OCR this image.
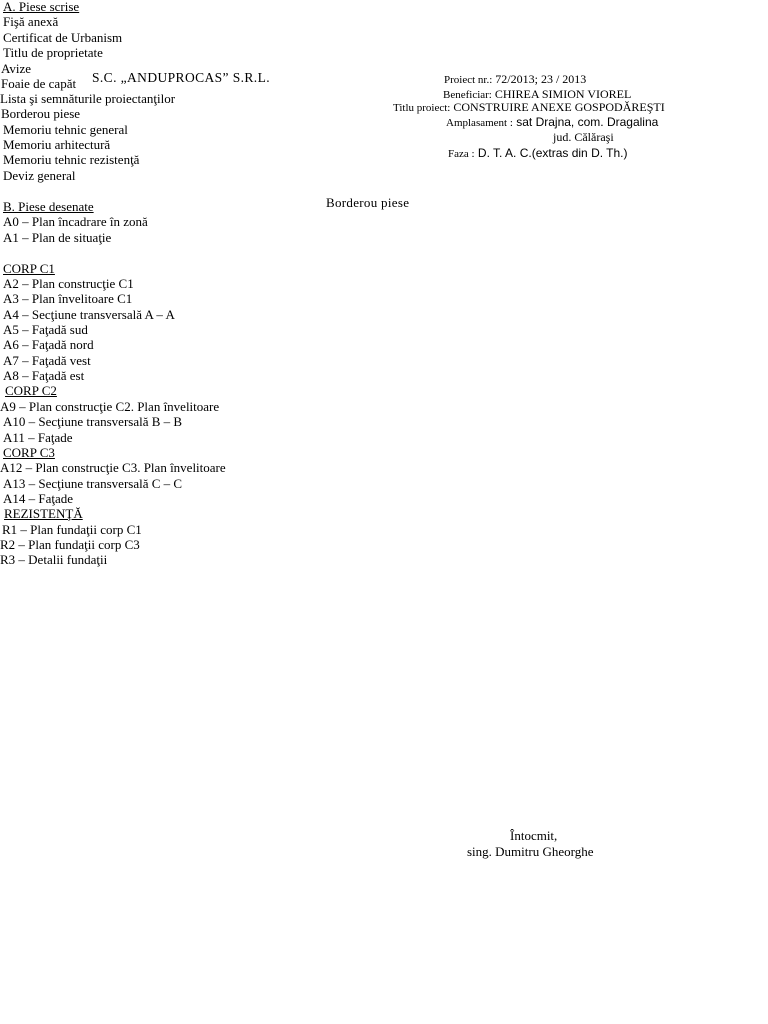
S.C. „ANDUPROCAS” S.R.L.	Proiect nr.: 72/2013; 23 / 2013
Beneficiar: CHIREA SIMION VIOREL
Titlu proiect: CONSTRUIRE ANEXE GOSPODĂREŞTI
Amplasament : sat Drajna, com. Dragalina
jud. Călăraşi
Faza : D. T. A. C.(extras din D. Th.)
Borderou piese
A. Piese scrise
Fişă anexă
Certificat de Urbanism
Titlu de proprietate
Avize
Foaie de capăt
Lista şi semnăturile proiectanţilor
Borderou piese
Memoriu tehnic general
Memoriu arhitectură
Memoriu tehnic rezistenţă
Deviz general
B. Piese desenate
A0 – Plan încadrare în zonă
A1 – Plan de situaţie
CORP C1
A2 – Plan construcţie C1
A3 – Plan învelitoare C1
A4 – Secţiune transversală A – A
A5 – Faţadă sud
A6 – Faţadă nord
A7 – Faţadă vest
A8 – Faţadă est
CORP C2
A9 – Plan construcţie C2. Plan învelitoare
A10 – Secţiune transversală B – B
A11 – Faţade
CORP C3
A12 – Plan construcţie C3. Plan învelitoare
A13 – Secţiune transversală C – C
A14 – Faţade
REZISTENŢĂ
R1 – Plan fundaţii corp C1
R2 – Plan fundaţii corp C3
R3 – Detalii fundaţii
Întocmit,
sing. Dumitru Gheorghe
